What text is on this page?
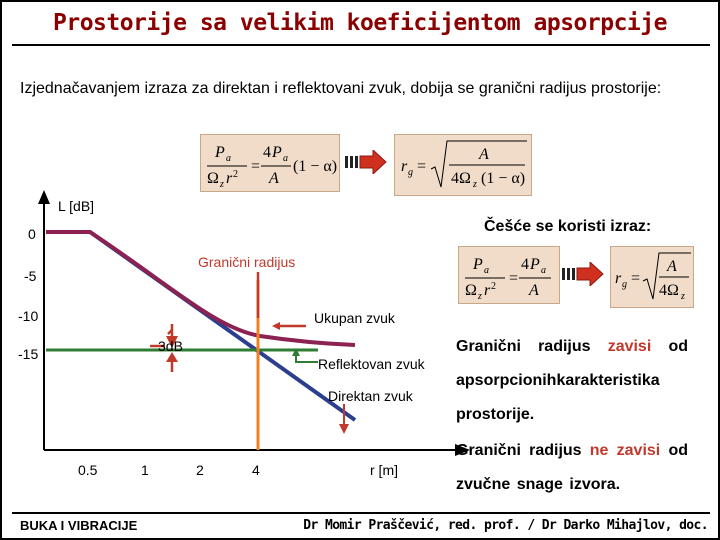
Prostorije sa velikim koeficijentom apsorpcije
Izjednačavanjem izraza za direktan i reflektovani zvuk, dobija se granični radijus prostorije:
P a
Ω z r 2 =
4 P a
A
(1 − α)	r g =
A
4Ω z (1 − α)
Češće se koristi izraz:
P a
Ω z r 2 =
4 P a
A
r g =
A
4Ω z
L [dB]
0
-5
-10
-15
0.5	1	2	4	r [m]
Granični radijus
Ukupan zvuk
3dB
Reflektovan zvuk
Direktan zvuk
Granični radijus zavisi od apsorpcionihkarakteristika prostorije.
Granični radijus ne zavisi od zvučne snage izvora.
BUKA I VIBRACIJE	Dr Momir Praščević, red. prof. / Dr Darko Mihajlov, doc.
